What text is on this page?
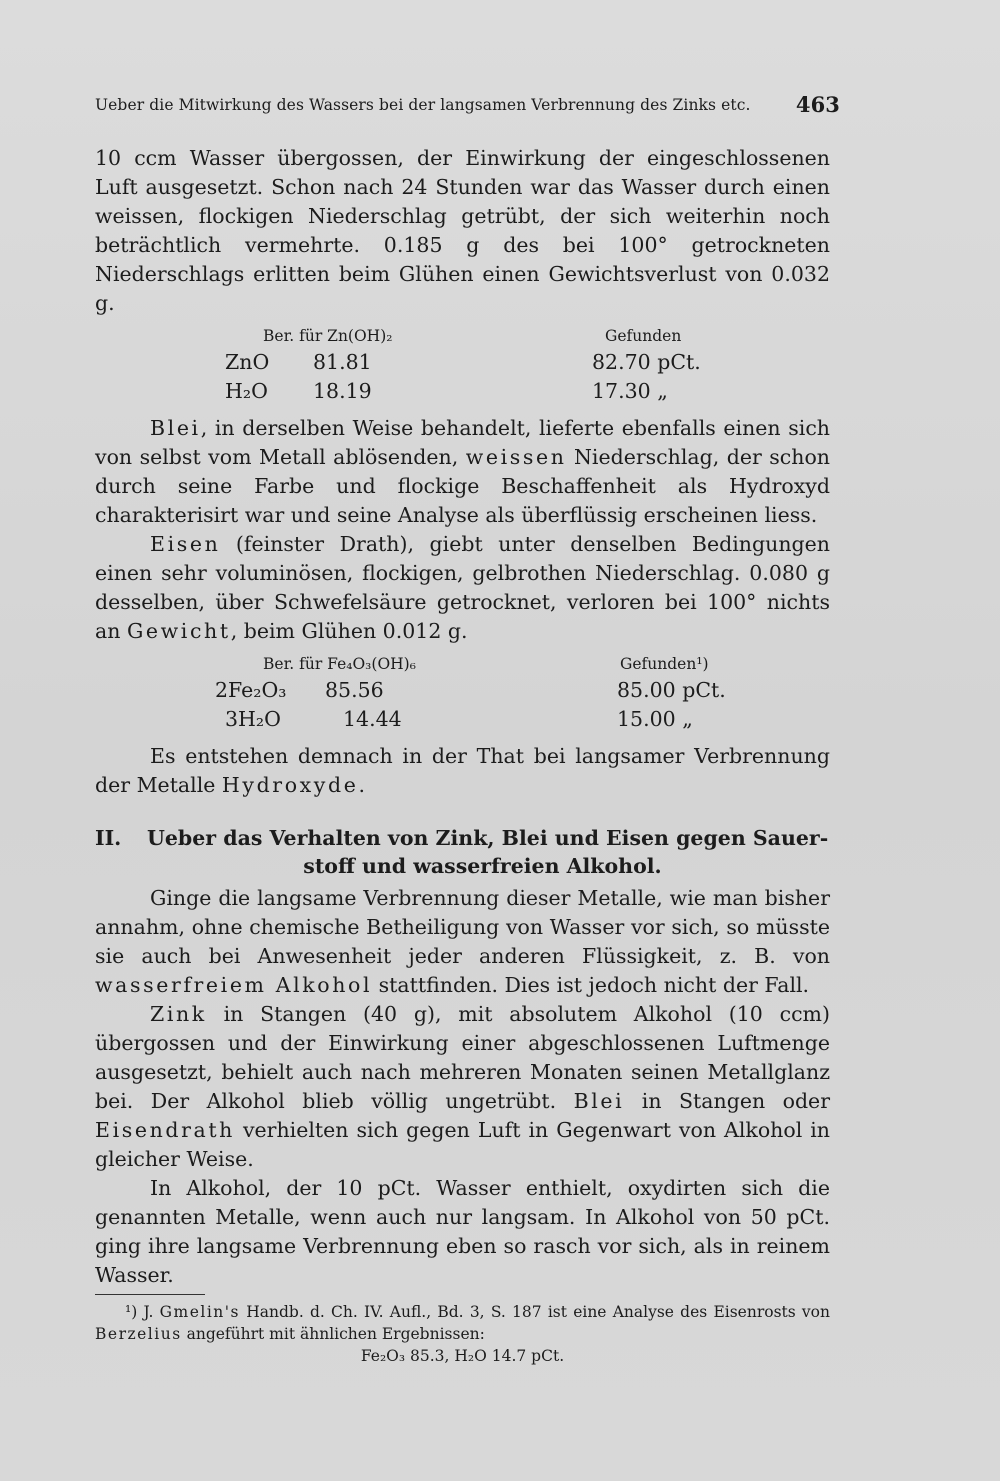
Ueber die Mitwirkung des Wassers bei der langsamen Verbrennung des Zinks etc. 463

10 ccm Wasser übergossen, der Einwirkung der eingeschlossenen Luft ausgesetzt. Schon nach 24 Stunden war das Wasser durch einen weissen, flockigen Niederschlag getrübt, der sich weiterhin noch beträchtlich vermehrte. 0.185 g des bei 100° getrockneten Niederschlags erlitten beim Glühen einen Gewichtsverlust von 0.032 g.

Ber. für Zn(OH)₂	Gefunden
ZnO 81.81	82.70 pCt.
H₂O 18.19	17.30 „

Blei, in derselben Weise behandelt, lieferte ebenfalls einen sich von selbst vom Metall ablösenden, weissen Niederschlag, der schon durch seine Farbe und flockige Beschaffenheit als Hydroxyd charakterisirt war und seine Analyse als überflüssig erscheinen liess.

Eisen (feinster Drath), giebt unter denselben Bedingungen einen sehr voluminösen, flockigen, gelbrothen Niederschlag. 0.080 g desselben, über Schwefelsäure getrocknet, verloren bei 100° nichts an Gewicht, beim Glühen 0.012 g.

Ber. für Fe₄O₃(OH)₆	Gefunden¹)
2Fe₂O₃ 85.56	85.00 pCt.
3H₂O	14.44	15.00 „

Es entstehen demnach in der That bei langsamer Verbrennung der Metalle Hydroxyde.

II.	Ueber das Verhalten von Zink, Blei und Eisen gegen Sauer-
stoff und wasserfreien Alkohol.

Ginge die langsame Verbrennung dieser Metalle, wie man bisher annahm, ohne chemische Betheiligung von Wasser vor sich, so müsste sie auch bei Anwesenheit jeder anderen Flüssigkeit, z. B. von wasserfreiem Alkohol stattfinden. Dies ist jedoch nicht der Fall.

Zink in Stangen (40 g), mit absolutem Alkohol (10 ccm) übergossen und der Einwirkung einer abgeschlossenen Luftmenge ausgesetzt, behielt auch nach mehreren Monaten seinen Metallglanz bei. Der Alkohol blieb völlig ungetrübt. Blei in Stangen oder Eisendrath verhielten sich gegen Luft in Gegenwart von Alkohol in gleicher Weise.

In Alkohol, der 10 pCt. Wasser enthielt, oxydirten sich die genannten Metalle, wenn auch nur langsam. In Alkohol von 50 pCt. ging ihre langsame Verbrennung eben so rasch vor sich, als in reinem Wasser.

¹) J. Gmelin's Handb. d. Ch. IV. Aufl., Bd. 3, S. 187 ist eine Analyse des Eisenrosts von Berzelius angeführt mit ähnlichen Ergebnissen:

Fe₂O₃ 85.3, H₂O 14.7 pCt.
